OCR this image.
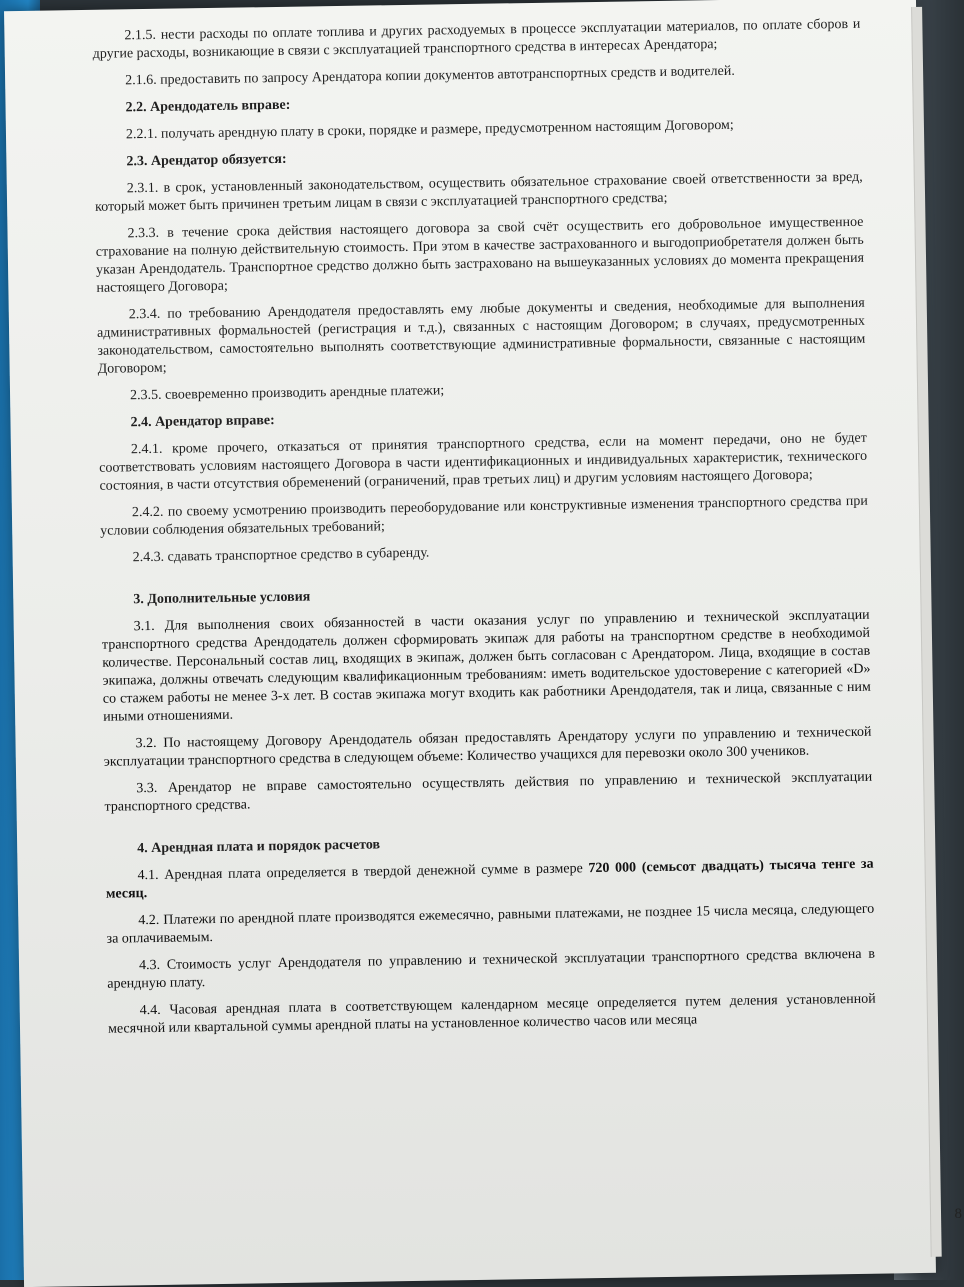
2.1.5. нести расходы по оплате топлива и других расходуемых в процессе эксплуатации материалов, по оплате сборов и другие расходы, возникающие в связи с эксплуатацией транспортного средства в интересах Арендатора;

2.1.6. предоставить по запросу Арендатора копии документов автотранспортных средств и водителей.

2.2. Арендодатель вправе:

2.2.1. получать арендную плату в сроки, порядке и размере, предусмотренном настоящим Договором;

2.3. Арендатор обязуется:

2.3.1. в срок, установленный законодательством, осуществить обязательное страхование своей ответственности за вред, который может быть причинен третьим лицам в связи с эксплуатацией транспортного средства;

2.3.3. в течение срока действия настоящего договора за свой счёт осуществить его добровольное имущественное страхование на полную действительную стоимость. При этом в качестве застрахованного и выгодоприобретателя должен быть указан Арендодатель. Транспортное средство должно быть застраховано на вышеуказанных условиях до момента прекращения настоящего Договора;

2.3.4. по требованию Арендодателя предоставлять ему любые документы и сведения, необходимые для выполнения административных формальностей (регистрация и т.д.), связанных с настоящим Договором; в случаях, предусмотренных законодательством, самостоятельно выполнять соответствующие административные формальности, связанные с настоящим Договором;

2.3.5. своевременно производить арендные платежи;

2.4. Арендатор вправе:

2.4.1. кроме прочего, отказаться от принятия транспортного средства, если на момент передачи, оно не будет соответствовать условиям настоящего Договора в части идентификационных и индивидуальных характеристик, технического состояния, в части отсутствия обременений (ограничений, прав третьих лиц) и другим условиям настоящего Договора;

2.4.2. по своему усмотрению производить переоборудование или конструктивные изменения транспортного средства при условии соблюдения обязательных требований;

2.4.3. сдавать транспортное средство в субаренду.

3. Дополнительные условия

3.1. Для выполнения своих обязанностей в части оказания услуг по управлению и технической эксплуатации транспортного средства Арендодатель должен сформировать экипаж для работы на транспортном средстве в необходимой количестве. Персональный состав лиц, входящих в экипаж, должен быть согласован с Арендатором. Лица, входящие в состав экипажа, должны отвечать следующим квалификационным требованиям: иметь водительское удостоверение с категорией «D» со стажем работы не менее 3-х лет. В состав экипажа могут входить как работники Арендодателя, так и лица, связанные с ним иными отношениями.

3.2. По настоящему Договору Арендодатель обязан предоставлять Арендатору услуги по управлению и технической эксплуатации транспортного средства в следующем объеме: Количество учащихся для перевозки около 300 учеников.

3.3. Арендатор не вправе самостоятельно осуществлять действия по управлению и технической эксплуатации транспортного средства.

4. Арендная плата и порядок расчетов

4.1. Арендная плата определяется в твердой денежной сумме в размере 720 000 (семьсот двадцать) тысяча тенге за месяц.

4.2. Платежи по арендной плате производятся ежемесячно, равными платежами, не позднее 15 числа месяца, следующего за оплачиваемым.

4.3. Стоимость услуг Арендодателя по управлению и технической эксплуатации транспортного средства включена в арендную плату.

4.4. Часовая арендная плата в соответствующем календарном месяце определяется путем деления установленной месячной или квартальной суммы арендной платы на установленное количество часов или месяца

8
